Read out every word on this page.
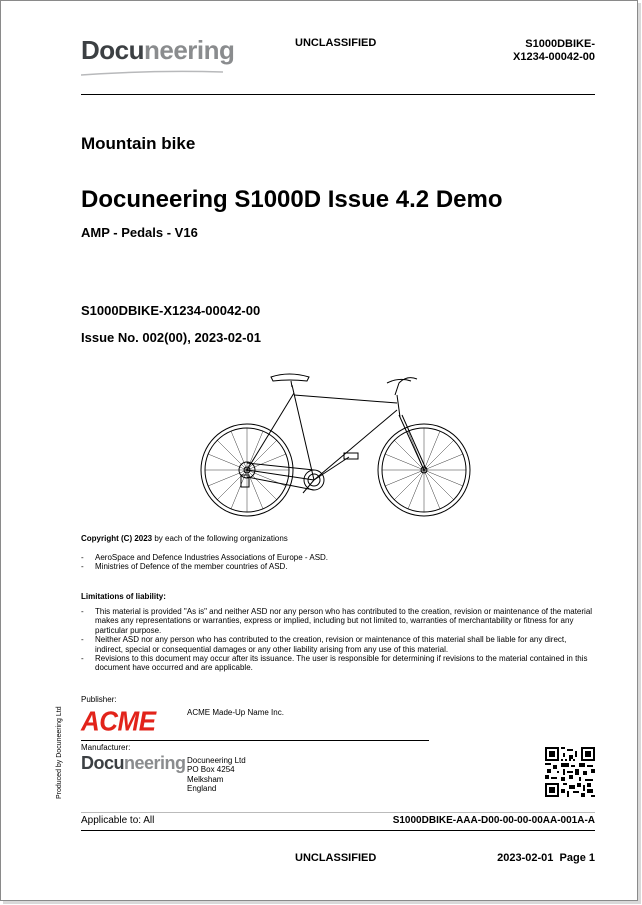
Docuneering	UNCLASSIFIED	S1000DBIKE-
X1234-00042-00
Mountain bike
Docuneering S1000D Issue 4.2 Demo
AMP - Pedals - V16
S1000DBIKE-X1234-00042-00
Issue No. 002(00), 2023-02-01
Copyright (C) 2023 by each of the following organizations
- AeroSpace and Defence Industries Associations of Europe - ASD.
- Ministries of Defence of the member countries of ASD.
Limitations of liability:
- This material is provided "As is" and neither ASD nor any person who has contributed to the creation, revision or maintenance of the material makes any representations or warranties, express or implied, including but not limited to, warranties of merchantability or fitness for any particular purpose.
- Neither ASD nor any person who has contributed to the creation, revision or maintenance of this material shall be liable for any direct, indirect, special or consequential damages or any other liability arising from any use of this material.
- Revisions to this document may occur after its issuance. The user is responsible for determining if revisions to the material contained in this document have occurred and are applicable.
Produced by Docuneering Ltd
Publisher:
ACME	ACME Made-Up Name Inc.
Manufacturer:
Docuneering Docuneering Ltd
PO Box 4254
Melksham
England
Applicable to: All	S1000DBIKE-AAA-D00-00-00-00AA-001A-A
UNCLASSIFIED	2023-02-01  Page 1
